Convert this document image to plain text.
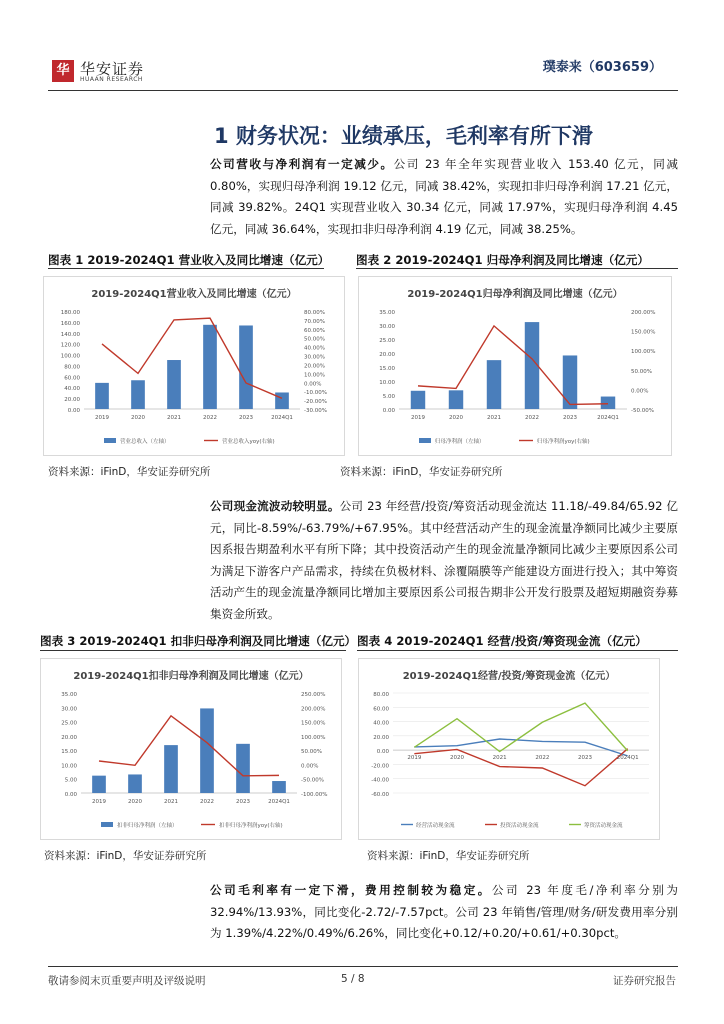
华 华安证券
HUAAN RESEARCH
璞泰来（603659）
1 财务状况：业绩承压，毛利率有所下滑
公司营收与净利润有一定减少。公司 23 年全年实现营业收入 153.40 亿元，同减 0.80%，实现归母净利润 19.12 亿元，同减 38.42%，实现扣非归母净利润 17.21 亿元，同减 39.82%。24Q1 实现营业收入 30.34 亿元，同减 17.97%，实现归母净利润 4.45 亿元，同减 36.64%，实现扣非归母净利润 4.19 亿元，同减 38.25%。
图表 1 2019-2024Q1 营业收入及同比增速（亿元） 图表 2 2019-2024Q1 归母净利润及同比增速（亿元）
2019-2024Q1营业收入及同比增速（亿元）
0.00
20.00
40.00
60.00
80.00
100.00
120.00
140.00
160.00
180.00
-30.00%
-20.00%
-10.00%
0.00%
10.00%
20.00%
30.00%
40.00%
50.00%
60.00%
70.00%
80.00%
营业总收入（左轴）	营业总收入yoy(右轴)
2019	2020	2021	2022	2023	2024Q1
2019-2024Q1归母净利润及同比增速（亿元）
0.00
5.00
10.00
15.00
20.00
25.00
30.00
35.00
-50.00%
0.00%
50.00%
100.00%
150.00%
200.00%
归母净利润（左轴）	归母净利润yoy(右轴)
2019	2020	2021	2022	2023	2024Q1
资料来源：iFinD，华安证券研究所	资料来源：iFinD，华安证券研究所
公司现金流波动较明显。公司 23 年经营/投资/筹资活动现金流达 11.18/-49.84/65.92 亿元，同比-8.59%/-63.79%/+67.95%。其中经营活动产生的现金流量净额同比减少主要原因系报告期盈利水平有所下降；其中投资活动产生的现金流量净额同比减少主要原因系公司为满足下游客户产品需求，持续在负极材料、涂覆隔膜等产能建设方面进行投入；其中筹资活动产生的现金流量净额同比增加主要原因系公司报告期非公开发行股票及超短期融资券募集资金所致。
图表 3 2019-2024Q1 扣非归母净利润及同比增速（亿元） 图表 4 2019-2024Q1 经营/投资/筹资现金流（亿元）
2019-2024Q1扣非归母净利润及同比增速（亿元）
0.00
5.00
10.00
15.00
20.00
25.00
30.00
35.00
-100.00%
-50.00%
0.00%
50.00%
100.00%
150.00%
200.00%
250.00%
扣非归母净利润（左轴）	扣非归母净利润yoy(右轴)
2019	2020	2021	2022	2023	2024Q1
2019-2024Q1经营/投资/筹资现金流（亿元）
-60.00
-40.00
-20.00
0.00
20.00
40.00
60.00
80.00
经营活动现金流	投资活动现金流	筹资活动现金流
2019	2020	2021	2022	2023	2024Q1
资料来源：iFinD，华安证券研究所	资料来源：iFinD，华安证券研究所
公司毛利率有一定下滑，费用控制较为稳定。公司 23 年度毛/净利率分别为 32.94%/13.93%，同比变化-2.72/-7.57pct。公司 23 年销售/管理/财务/研发费用率分别为 1.39%/4.22%/0.49%/6.26%，同比变化+0.12/+0.20/+0.61/+0.30pct。
敬请参阅末页重要声明及评级说明	5 / 8	证券研究报告
